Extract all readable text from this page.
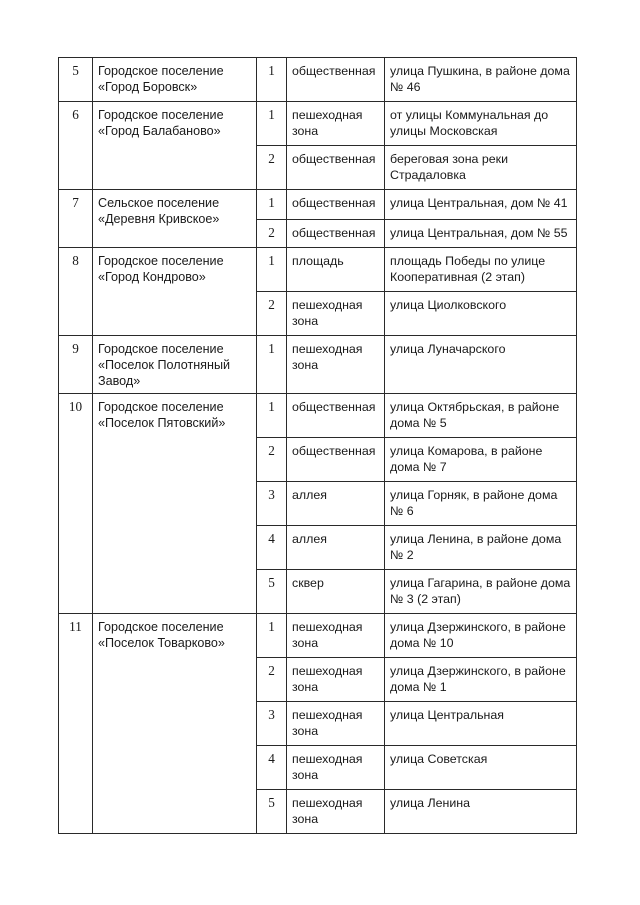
5	Городское поселение «Город Боровск»	1	общественная	улица Пушкина, в районе дома № 46
6	Городское поселение «Город Балабаново»	1	пешеходная зона	от улицы Коммунальная до улицы Московская
		2	общественная	береговая зона реки Страдаловка
7	Сельское поселение «Деревня Кривское»	1	общественная	улица Центральная, дом № 41
		2	общественная	улица Центральная, дом № 55
8	Городское поселение «Город Кондрово»	1	площадь	площадь Победы по улице Кооперативная (2 этап)
		2	пешеходная зона	улица Циолковского
9	Городское поселение «Поселок Полотняный Завод»	1	пешеходная зона	улица Луначарского
10	Городское поселение «Поселок Пятовский»	1	общественная	улица Октябрьская, в районе дома № 5
		2	общественная	улица Комарова, в районе дома № 7
		3	аллея	улица Горняк, в районе дома № 6
		4	аллея	улица Ленина, в районе дома № 2
		5	сквер	улица Гагарина, в районе дома № 3 (2 этап)
11	Городское поселение «Поселок Товарково»	1	пешеходная зона	улица Дзержинского, в районе дома № 10
		2	пешеходная зона	улица Дзержинского, в районе дома № 1
		3	пешеходная зона	улица Центральная
		4	пешеходная зона	улица Советская
		5	пешеходная зона	улица Ленина
